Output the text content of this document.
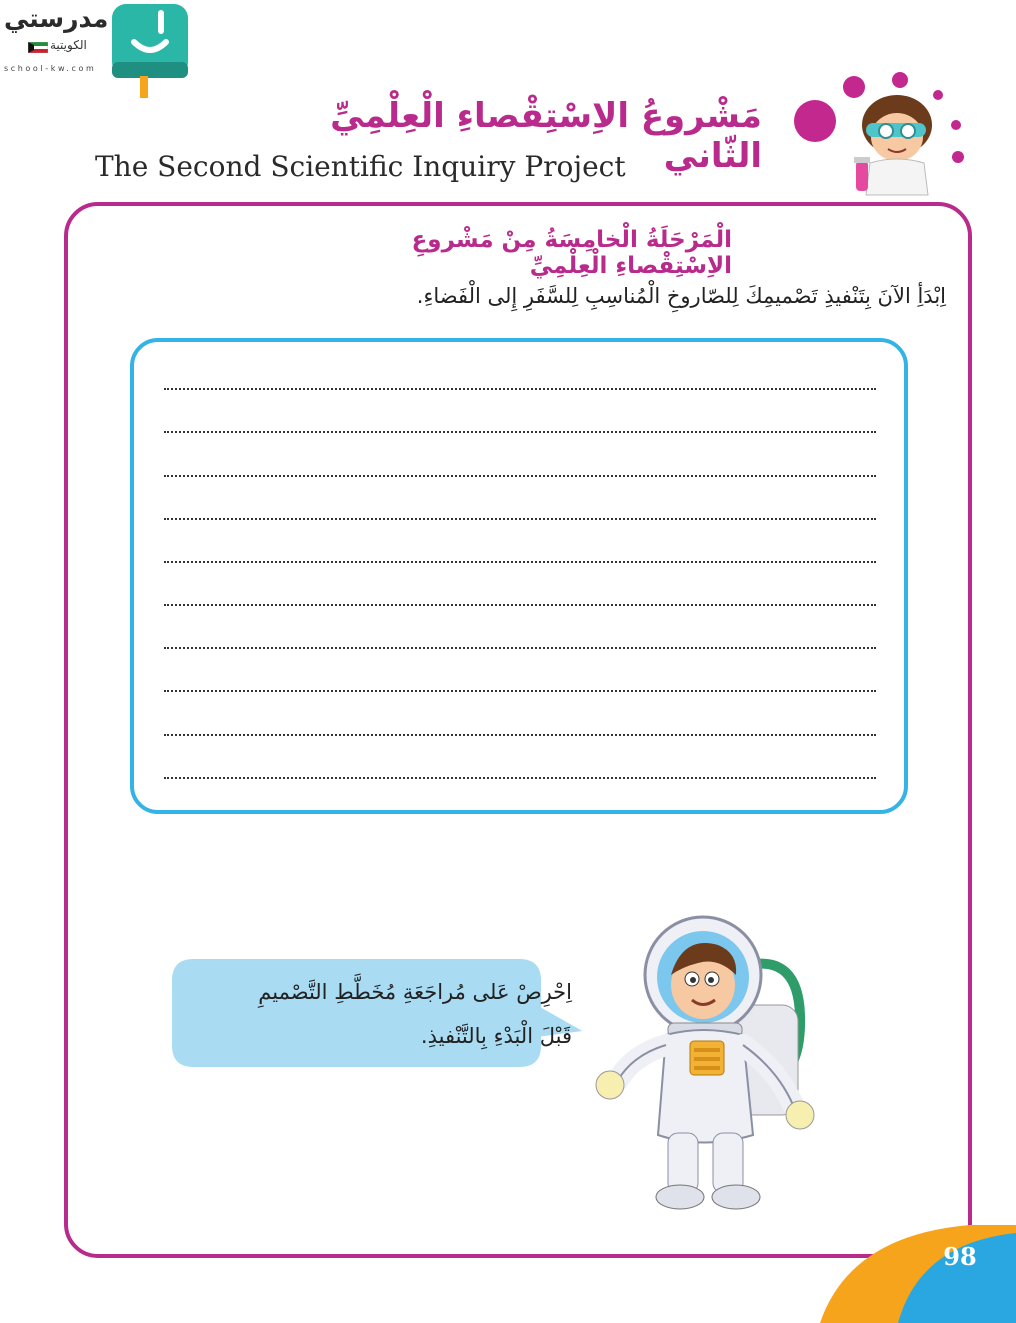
مدرستي
الكويتية
school-kw.com
مَشْروعُ الاِسْتِقْصاءِ الْعِلْمِيِّ الثّاني
The Second Scientific Inquiry Project
الْمَرْحَلَةُ الْخامِسَةُ مِنْ مَشْروعِ الاِسْتِقْصاءِ الْعِلْمِيِّ
اِبْدَأِ الآنَ بِتَنْفيذِ تَصْميمِكَ لِلصّاروخِ الْمُناسِبِ لِلسَّفَرِ إِلى الْفَضاءِ.
اِحْرِصْ عَلى مُراجَعَةِ مُخَطَّطِ التَّصْميمِ
قَبْلَ الْبَدْءِ بِالتَّنْفيذِ.
98
